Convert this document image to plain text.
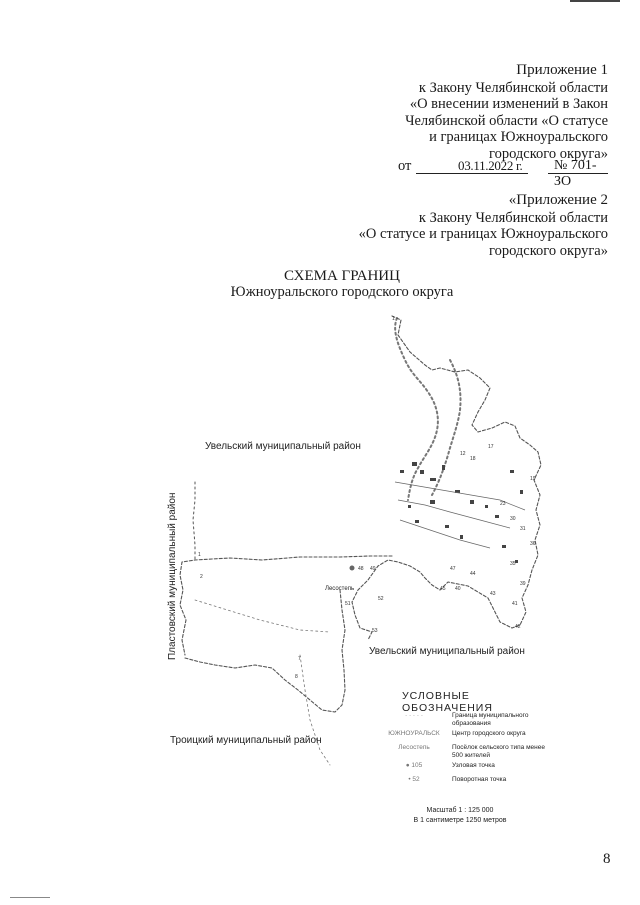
Приложение 1
к Закону Челябинской области
«О внесении изменений в Закон
Челябинской области «О статусе
и границах Южноуральского
городского округа»
от	03.11.2022 г. № 701-ЗО
«Приложение 2
к Закону Челябинской области
«О статусе и границах Южноуральского
городского округа»
СХЕМА ГРАНИЦ
Южноуральского городского округа
Увельский муниципальный район
Пластовский муниципальный район	Увельский муниципальный район
Троицкий муниципальный район
Лесостепь
1
12
17
18
19
23
30
31
36
35
39
41
42
43
44
47
40
45
48 49
52
51
53
1
2
7
8
УСЛОВНЫЕ ОБОЗНАЧЕНИЯ
· · · · ·	Граница муниципального образования
ЮЖНОУРАЛЬСК	Центр городского округа
Лесостепь	Посёлок сельского типа менее 500 жителей
● 105	Узловая точка
• 52	Поворотная точка
Масштаб 1 : 125 000
В 1 сантиметре 1250 метров
8
